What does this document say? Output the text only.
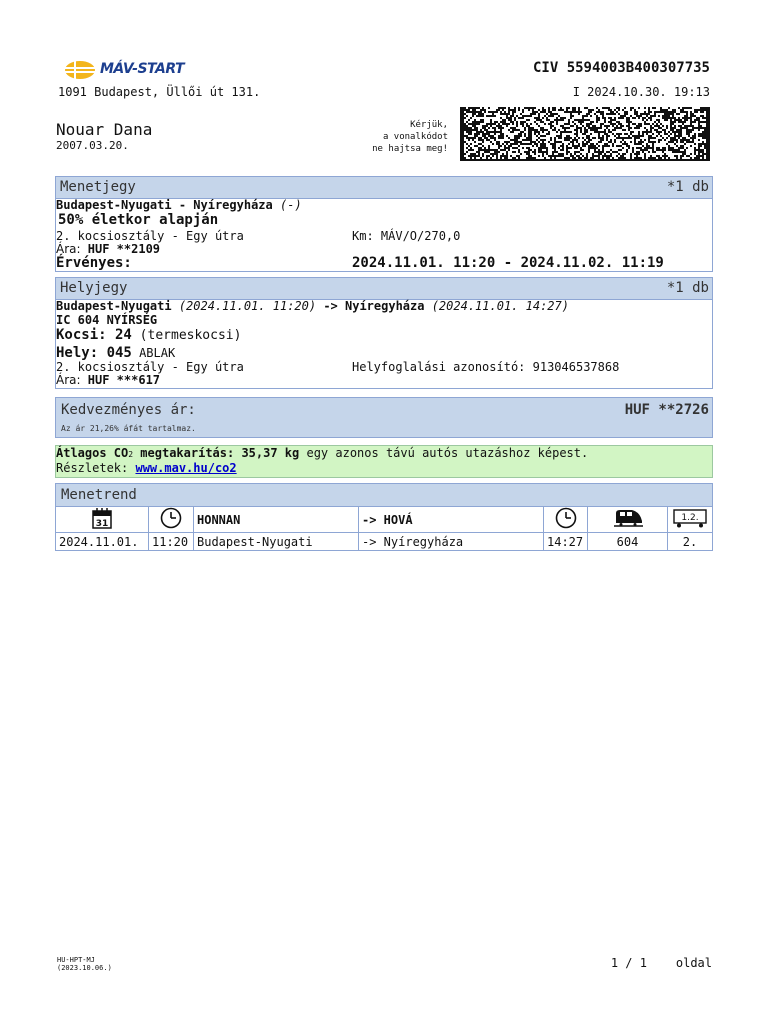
MÁV-START	CIV 5594003B400307735
1091 Budapest, Üllői út 131.	I 2024.10.30. 19:13
Nouar Dana
2007.03.20.
Kérjük,
a vonalkódot
ne hajtsa meg!
Menetjegy	*1 db
Budapest-Nyugati - Nyíregyháza (-)
50% életkor alapján
2. kocsiosztály - Egy útra	Km: MÁV/O/270,0
Ára: HUF **2109
Érvényes:	2024.11.01. 11:20 - 2024.11.02. 11:19
Helyjegy	*1 db
Budapest-Nyugati (2024.11.01. 11:20) -> Nyíregyháza (2024.11.01. 14:27)
IC 604 NYÍRSÉG
Kocsi: 24 (termeskocsi)
Hely: 045 ABLAK
2. kocsiosztály - Egy útra	Helyfoglalási azonosító: 913046537868
Ára: HUF ***617
Kedvezményes ár:	HUF **2726
Az ár 21,26% áfát tartalmaz.
Átlagos CO2 megtakarítás: 35,37 kg egy azonos távú autós utazáshoz képest.
Részletek: www.mav.hu/co2
Menetrend
31		HONNAN	-> HOVÁ			1.2.

2024.11.01.	11:20	Budapest-Nyugati	-> Nyíregyháza	14:27	604	2.
HU-HPT-MJ
(2023.10.06.)	1 / 1 oldal
